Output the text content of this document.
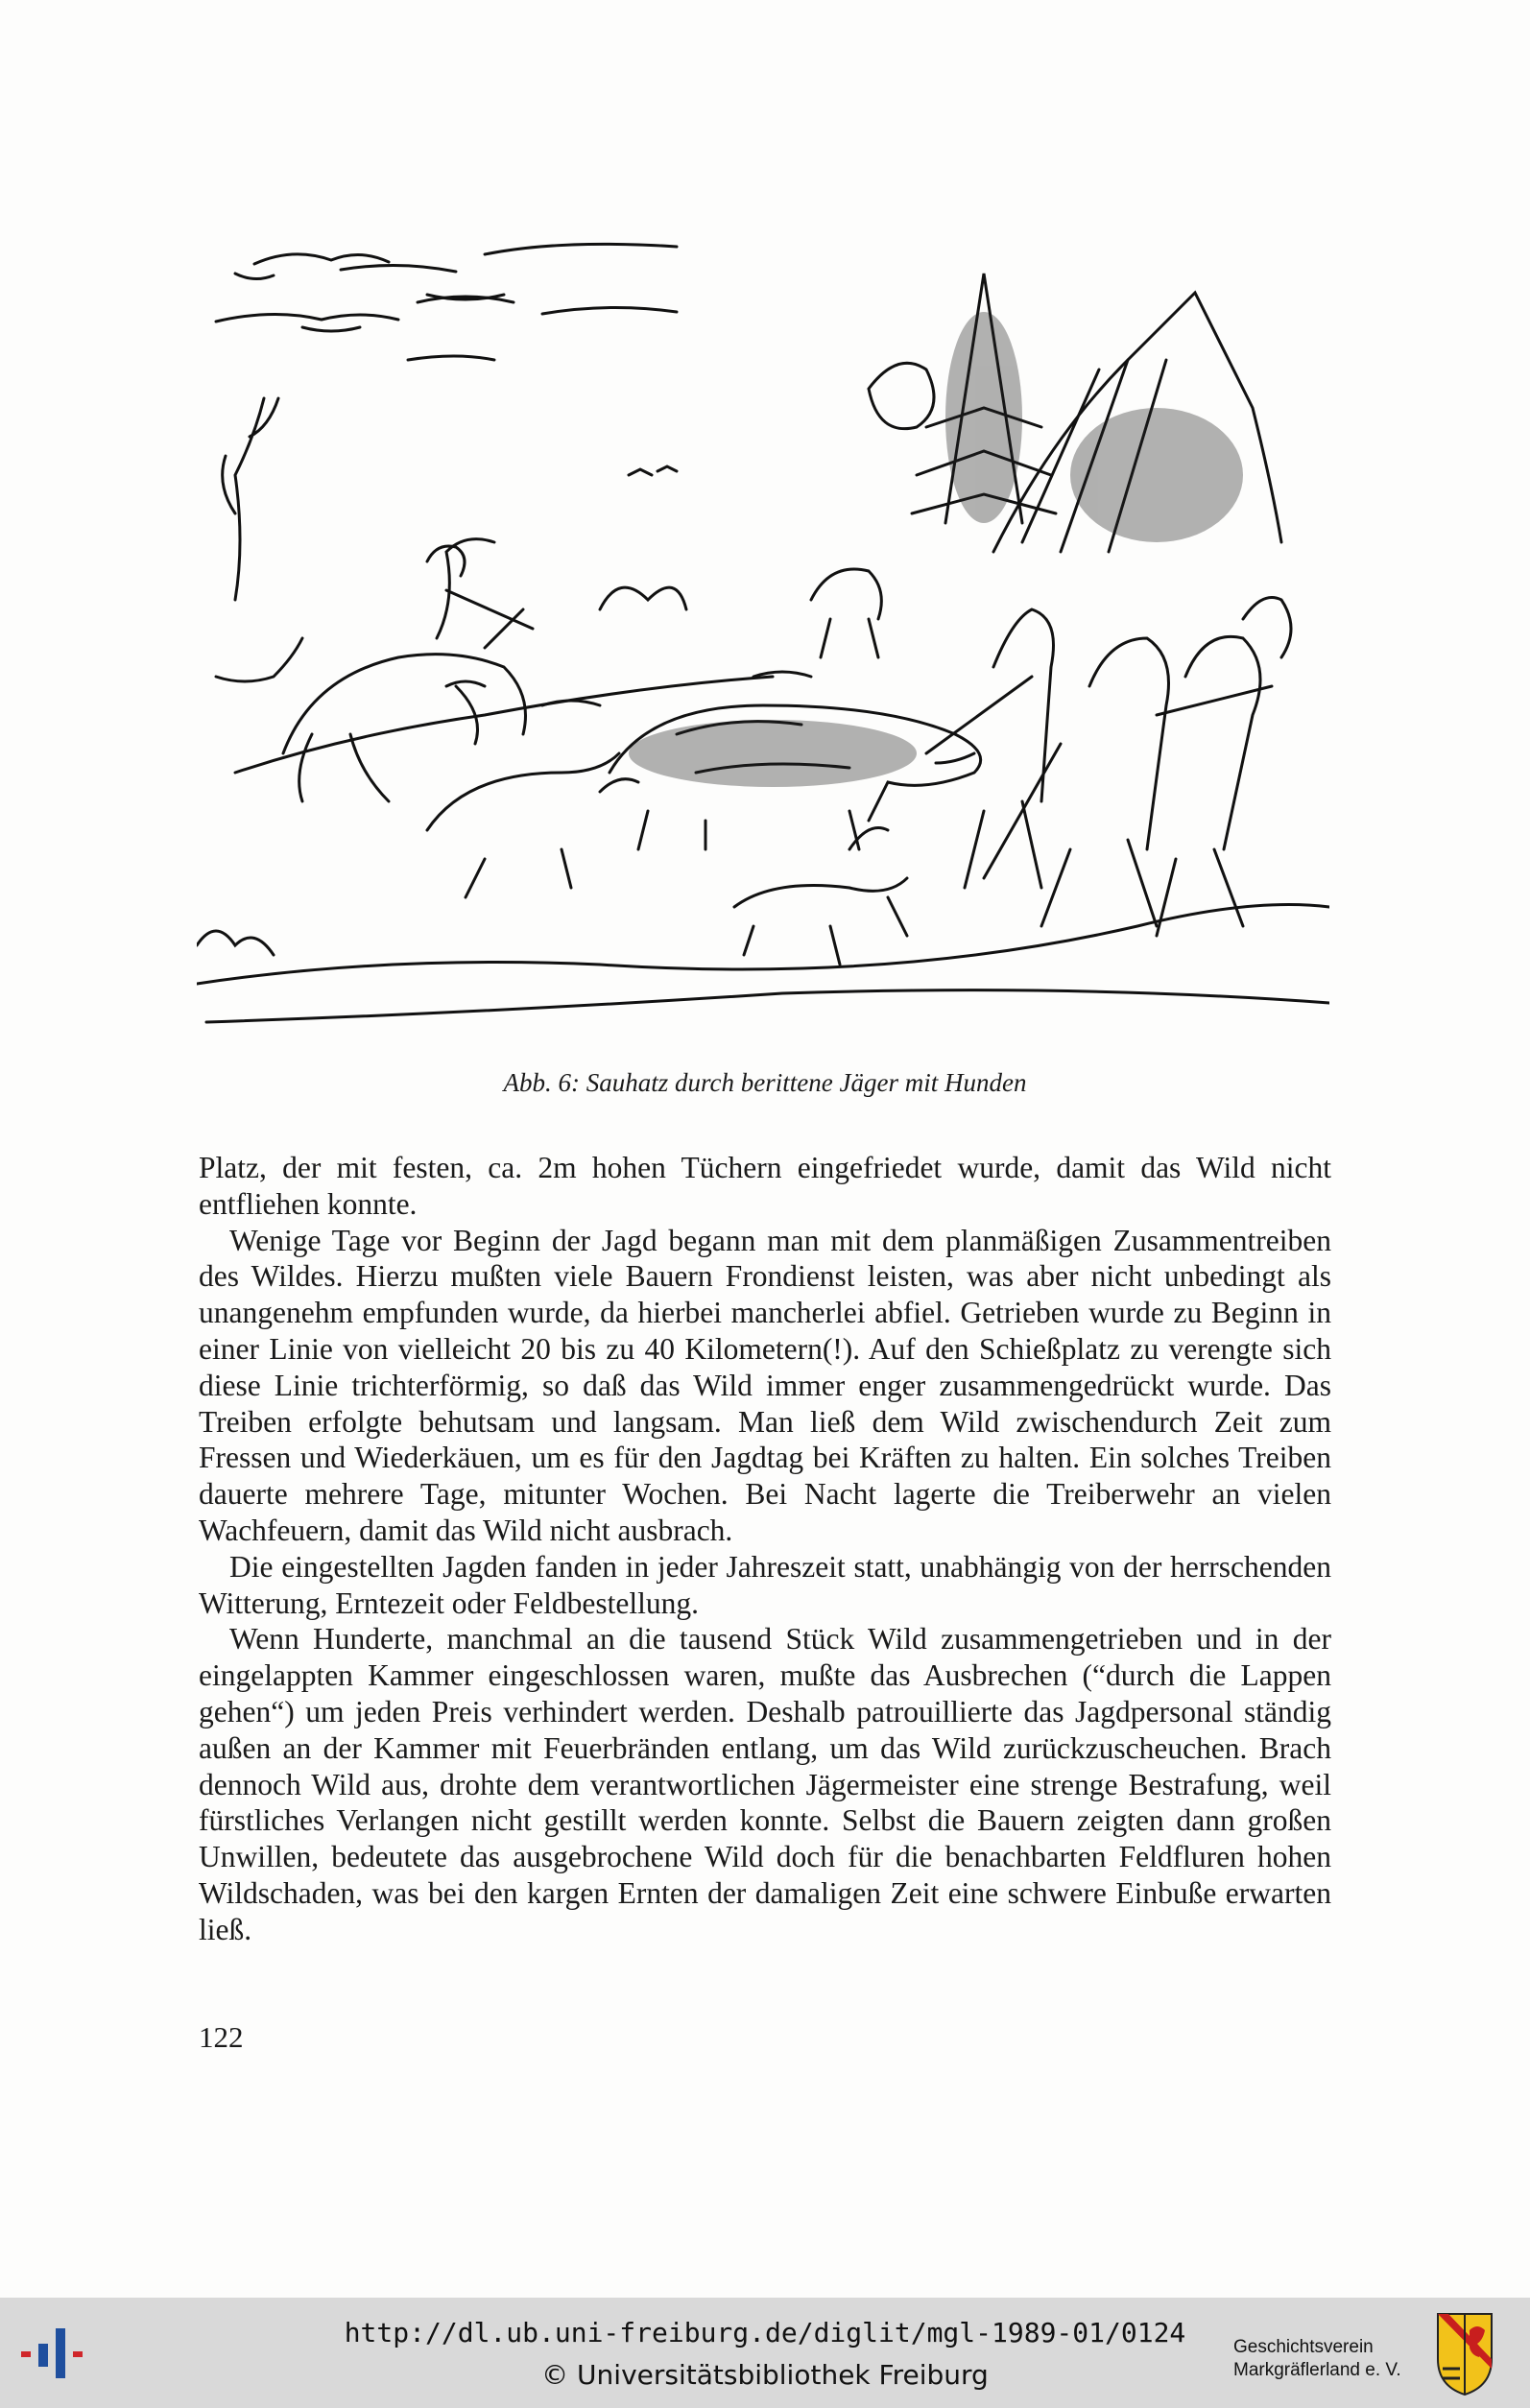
Abb. 6: Sauhatz durch berittene Jäger mit Hunden

Platz, der mit festen, ca. 2m hohen Tüchern eingefriedet wurde, damit das Wild nicht entfliehen konnte.

Wenige Tage vor Beginn der Jagd begann man mit dem planmäßigen Zusammentreiben des Wildes. Hierzu mußten viele Bauern Frondienst leisten, was aber nicht unbedingt als unangenehm empfunden wurde, da hierbei mancherlei abfiel. Getrieben wurde zu Beginn in einer Linie von vielleicht 20 bis zu 40 Kilometern(!). Auf den Schießplatz zu verengte sich diese Linie trichterförmig, so daß das Wild immer enger zusammengedrückt wurde. Das Treiben erfolgte behutsam und langsam. Man ließ dem Wild zwischendurch Zeit zum Fressen und Wiederkäuen, um es für den Jagdtag bei Kräften zu halten. Ein solches Treiben dauerte mehrere Tage, mitunter Wochen. Bei Nacht lagerte die Treiberwehr an vielen Wachfeuern, damit das Wild nicht ausbrach.

Die eingestellten Jagden fanden in jeder Jahreszeit statt, unabhängig von der herrschenden Witterung, Erntezeit oder Feldbestellung.

Wenn Hunderte, manchmal an die tausend Stück Wild zusammengetrieben und in der eingelappten Kammer eingeschlossen waren, mußte das Ausbrechen (“durch die Lappen gehen“) um jeden Preis verhindert werden. Deshalb patrouillierte das Jagdpersonal ständig außen an der Kammer mit Feuerbränden entlang, um das Wild zurückzuscheuchen. Brach dennoch Wild aus, drohte dem verantwortlichen Jägermeister eine strenge Bestrafung, weil fürstliches Verlangen nicht gestillt werden konnte. Selbst die Bauern zeigten dann großen Unwillen, bedeutete das ausgebrochene Wild doch für die benachbarten Feldfluren hohen Wildschaden, was bei den kargen Ernten der damaligen Zeit eine schwere Einbuße erwarten ließ.

122
http://dl.ub.uni-freiburg.de/diglit/mgl-1989-01/0124
© Universitätsbibliothek Freiburg
Geschichtsverein
Markgräflerland e. V.
